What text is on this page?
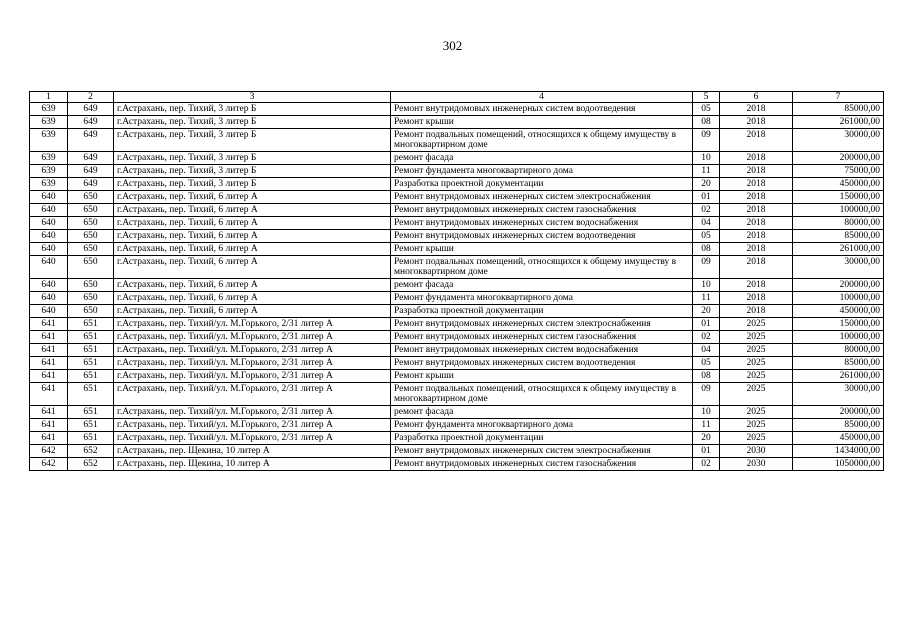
302
1	2	3	4	5	6	7
639	649	г.Астрахань, пер. Тихий, 3 литер Б	Ремонт внутридомовых инженерных систем водоотведения	05	2018	85000,00
639	649	г.Астрахань, пер. Тихий, 3 литер Б	Ремонт крыши	08	2018	261000,00
639	649	г.Астрахань, пер. Тихий, 3 литер Б	Ремонт подвальных помещений, относящихся к общему имуществу в многоквартирном доме	09	2018	30000,00
639	649	г.Астрахань, пер. Тихий, 3 литер Б	ремонт фасада	10	2018	200000,00
639	649	г.Астрахань, пер. Тихий, 3 литер Б	Ремонт фундамента многоквартирного дома	11	2018	75000,00
639	649	г.Астрахань, пер. Тихий, 3 литер Б	Разработка проектной документации	20	2018	450000,00
640	650	г.Астрахань, пер. Тихий, 6 литер А	Ремонт внутридомовых инженерных систем электроснабжения	01	2018	150000,00
640	650	г.Астрахань, пер. Тихий, 6 литер А	Ремонт внутридомовых инженерных систем газоснабжения	02	2018	100000,00
640	650	г.Астрахань, пер. Тихий, 6 литер А	Ремонт внутридомовых инженерных систем водоснабжения	04	2018	80000,00
640	650	г.Астрахань, пер. Тихий, 6 литер А	Ремонт внутридомовых инженерных систем водоотведения	05	2018	85000,00
640	650	г.Астрахань, пер. Тихий, 6 литер А	Ремонт крыши	08	2018	261000,00
640	650	г.Астрахань, пер. Тихий, 6 литер А	Ремонт подвальных помещений, относящихся к общему имуществу в многоквартирном доме	09	2018	30000,00
640	650	г.Астрахань, пер. Тихий, 6 литер А	ремонт фасада	10	2018	200000,00
640	650	г.Астрахань, пер. Тихий, 6 литер А	Ремонт фундамента многоквартирного дома	11	2018	100000,00
640	650	г.Астрахань, пер. Тихий, 6 литер А	Разработка проектной документации	20	2018	450000,00
641	651	г.Астрахань, пер. Тихий/ул. М.Горького, 2/31 литер А	Ремонт внутридомовых инженерных систем электроснабжения	01	2025	150000,00
641	651	г.Астрахань, пер. Тихий/ул. М.Горького, 2/31 литер А	Ремонт внутридомовых инженерных систем газоснабжения	02	2025	100000,00
641	651	г.Астрахань, пер. Тихий/ул. М.Горького, 2/31 литер А	Ремонт внутридомовых инженерных систем водоснабжения	04	2025	80000,00
641	651	г.Астрахань, пер. Тихий/ул. М.Горького, 2/31 литер А	Ремонт внутридомовых инженерных систем водоотведения	05	2025	85000,00
641	651	г.Астрахань, пер. Тихий/ул. М.Горького, 2/31 литер А	Ремонт крыши	08	2025	261000,00
641	651	г.Астрахань, пер. Тихий/ул. М.Горького, 2/31 литер А	Ремонт подвальных помещений, относящихся к общему имуществу в многоквартирном доме	09	2025	30000,00
641	651	г.Астрахань, пер. Тихий/ул. М.Горького, 2/31 литер А	ремонт фасада	10	2025	200000,00
641	651	г.Астрахань, пер. Тихий/ул. М.Горького, 2/31 литер А	Ремонт фундамента многоквартирного дома	11	2025	85000,00
641	651	г.Астрахань, пер. Тихий/ул. М.Горького, 2/31 литер А	Разработка проектной документации	20	2025	450000,00
642	652	г.Астрахань, пер. Щекина, 10 литер А	Ремонт внутридомовых инженерных систем электроснабжения	01	2030	1434000,00
642	652	г.Астрахань, пер. Щекина, 10 литер А	Ремонт внутридомовых инженерных систем газоснабжения	02	2030	1050000,00
